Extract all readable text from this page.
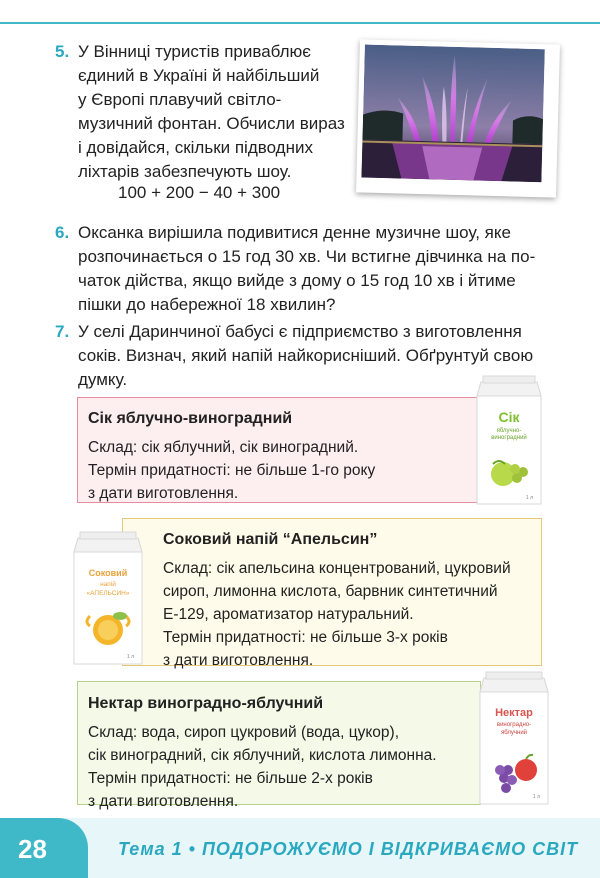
5. У Вінниці туристів приваблює
єдиний в Україні й найбільший
у Європі плавучий світло-
музичний фонтан. Обчисли вираз
і довідайся, скільки підводних
ліхтарів забезпечують шоу.

100 + 200 − 40 + 300
6. Оксанка вирішила подивитися денне музичне шоу, яке
розпочинається о 15 год 30 хв. Чи встигне дівчинка на по-
чаток дійства, якщо вийде з дому о 15 год 10 хв і йтиме
пішки до набережної 18 хвилин?

7. У селі Даринчиної бабусі є підприємство з виготовлення
соків. Визнач, який напій найкорисніший. Обґрунтуй свою
думку.

Сік яблучно-виноградний
Склад: сік яблучний, сік виноградний.
Термін придатності: не більше 1-го року
з дати виготовлення.
Сік
яблучно-
виноградний
1 л
Соковий напій “Апельсин”
Склад: сік апельсина концентрований, цукровий
сироп, лимонна кислота, барвник синтетичний
Е-129, ароматизатор натуральний.
Термін придатності: не більше 3-х років
з дати виготовлення.
Соковий
напій
«АПЕЛЬСИН»
1 л
Нектар виноградно-яблучний
Склад: вода, сироп цукровий (вода, цукор),
сік виноградний, сік яблучний, кислота лимонна.
Термін придатності: не більше 2-х років
з дати виготовлення.
Нектар
виноградно-
яблучний
1 л
28	Тема 1 • ПОДОРОЖУЄМО І ВІДКРИВАЄМО СВІТ
